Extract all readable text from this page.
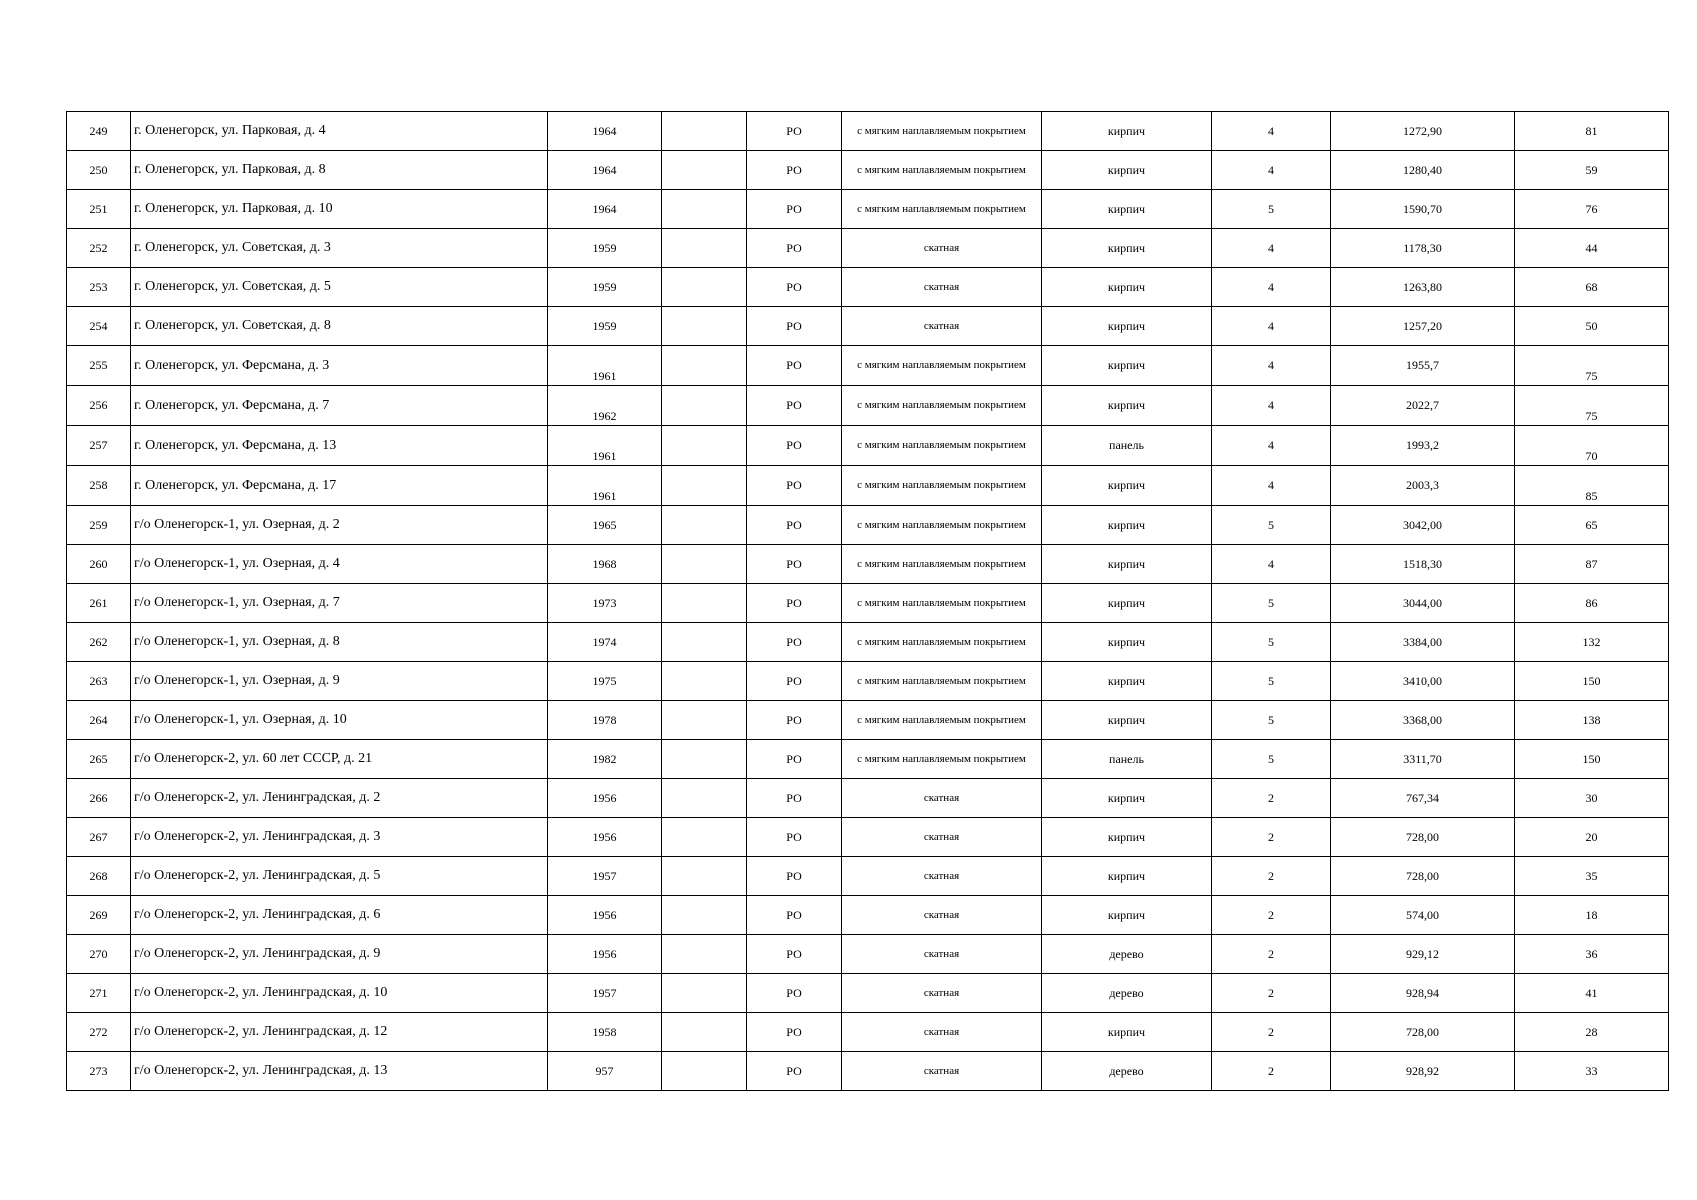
249	г. Оленегорск, ул. Парковая, д. 4	1964		РО	с мягким наплавляемым покрытием	кирпич	4	1272,90	81
250	г. Оленегорск, ул. Парковая, д. 8	1964		РО	с мягким наплавляемым покрытием	кирпич	4	1280,40	59
251	г. Оленегорск, ул. Парковая, д. 10	1964		РО	с мягким наплавляемым покрытием	кирпич	5	1590,70	76
252	г. Оленегорск, ул. Советская, д. 3	1959		РО	скатная	кирпич	4	1178,30	44
253	г. Оленегорск, ул. Советская, д. 5	1959		РО	скатная	кирпич	4	1263,80	68
254	г. Оленегорск, ул. Советская, д. 8	1959		РО	скатная	кирпич	4	1257,20	50
255	г. Оленегорск, ул. Ферсмана, д. 3	1961		РО	с мягким наплавляемым покрытием	кирпич	4	1955,7	75
256	г. Оленегорск, ул. Ферсмана, д. 7	1962		РО	с мягким наплавляемым покрытием	кирпич	4	2022,7	75
257	г. Оленегорск, ул. Ферсмана, д. 13	1961		РО	с мягким наплавляемым покрытием	панель	4	1993,2	70
258	г. Оленегорск, ул. Ферсмана, д. 17	1961		РО	с мягким наплавляемым покрытием	кирпич	4	2003,3	85
259	г/о Оленегорск-1, ул. Озерная, д. 2	1965		РО	с мягким наплавляемым покрытием	кирпич	5	3042,00	65
260	г/о Оленегорск-1, ул. Озерная, д. 4	1968		РО	с мягким наплавляемым покрытием	кирпич	4	1518,30	87
261	г/о Оленегорск-1, ул. Озерная, д. 7	1973		РО	с мягким наплавляемым покрытием	кирпич	5	3044,00	86
262	г/о Оленегорск-1, ул. Озерная, д. 8	1974		РО	с мягким наплавляемым покрытием	кирпич	5	3384,00	132
263	г/о Оленегорск-1, ул. Озерная, д. 9	1975		РО	с мягким наплавляемым покрытием	кирпич	5	3410,00	150
264	г/о Оленегорск-1, ул. Озерная, д. 10	1978		РО	с мягким наплавляемым покрытием	кирпич	5	3368,00	138
265	г/о Оленегорск-2, ул. 60 лет СССР, д. 21	1982		РО	с мягким наплавляемым покрытием	панель	5	3311,70	150
266	г/о Оленегорск-2, ул. Ленинградская, д. 2	1956		РО	скатная	кирпич	2	767,34	30
267	г/о Оленегорск-2, ул. Ленинградская, д. 3	1956		РО	скатная	кирпич	2	728,00	20
268	г/о Оленегорск-2, ул. Ленинградская, д. 5	1957		РО	скатная	кирпич	2	728,00	35
269	г/о Оленегорск-2, ул. Ленинградская, д. 6	1956		РО	скатная	кирпич	2	574,00	18
270	г/о Оленегорск-2, ул. Ленинградская, д. 9	1956		РО	скатная	дерево	2	929,12	36
271	г/о Оленегорск-2, ул. Ленинградская, д. 10	1957		РО	скатная	дерево	2	928,94	41
272	г/о Оленегорск-2, ул. Ленинградская, д. 12	1958		РО	скатная	кирпич	2	728,00	28
273	г/о Оленегорск-2, ул. Ленинградская, д. 13	957		РО	скатная	дерево	2	928,92	33
